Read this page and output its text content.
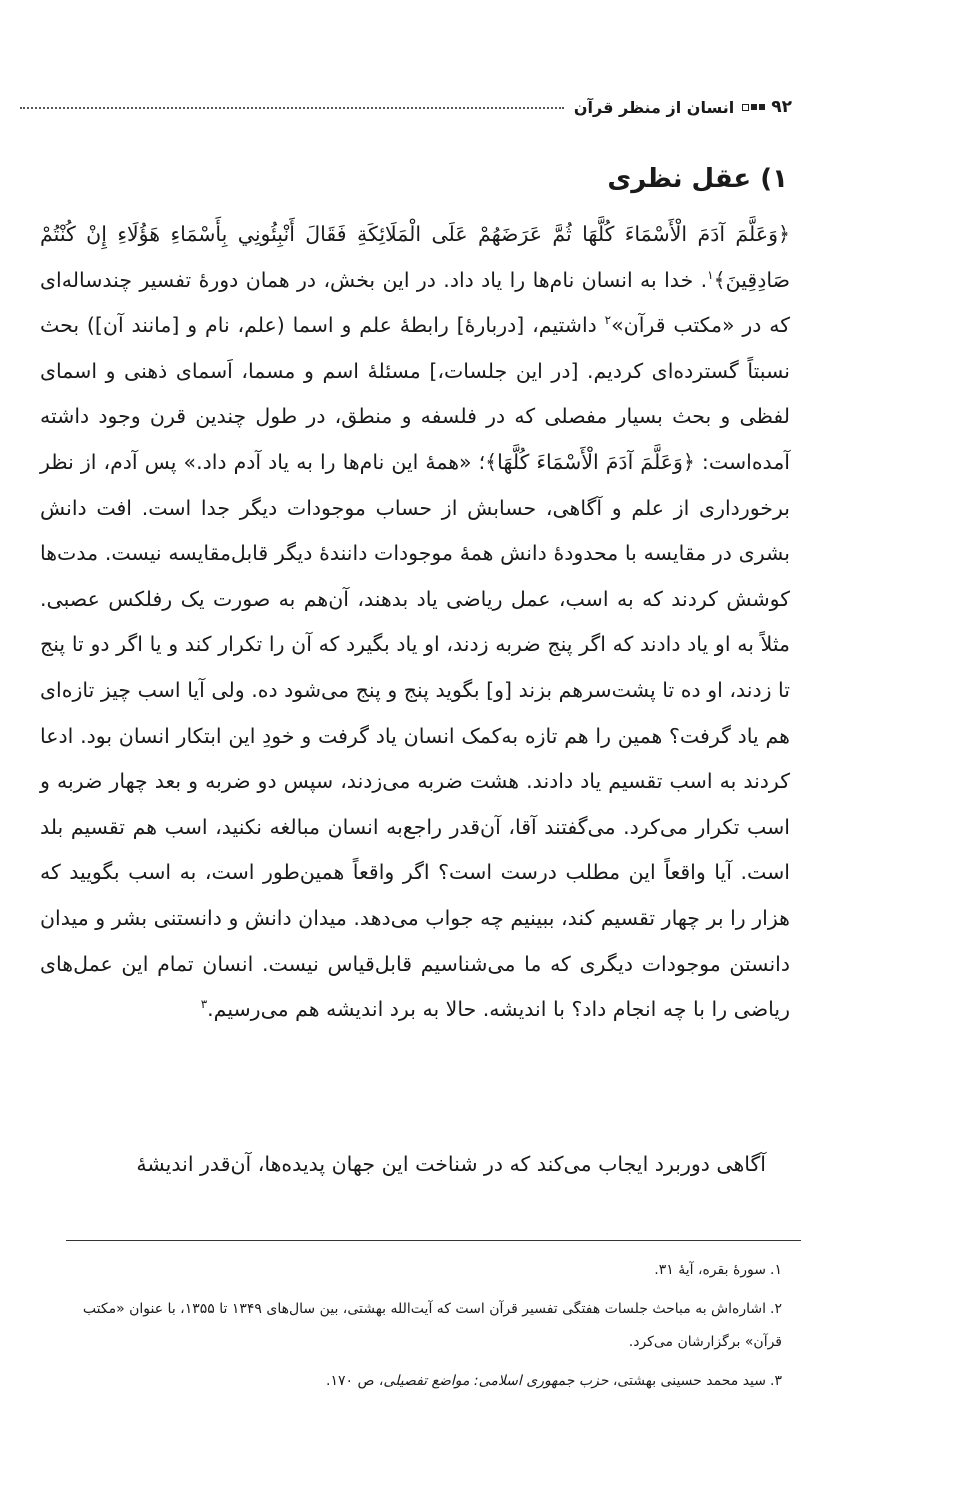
۹۲
انسان از منظر قرآن
۱) عقل نظری

﴿وَعَلَّمَ آدَمَ الْأَسْمَاءَ كُلَّهَا ثُمَّ عَرَضَهُمْ عَلَى الْمَلَائِكَةِ فَقَالَ أَنْبِئُونِي بِأَسْمَاءِ هَؤُلَاءِ إِنْ كُنْتُمْ صَادِقِينَ﴾$^۱$. خدا به انسان نام‌ها را یاد داد. در این بخش، در همان دورهٔ تفسیر چندساله‌ای که در «مکتب قرآن»$^۲$ داشتیم، [دربارهٔ] رابطهٔ علم و اسما (علم، نام و [مانند آن]) بحث نسبتاً گسترده‌ای کردیم. [در این جلسات،] مسئلهٔ اسم و مسما، اَسمای ذهنی و اسمای لفظی و بحث بسیار مفصلی که در فلسفه و منطق، در طول چندین قرن وجود داشته آمده‌است: ﴿وَعَلَّمَ آدَمَ الْأَسْمَاءَ كُلَّهَا﴾؛ «همهٔ این نام‌ها را به یاد آدم داد.» پس آدم، از نظر برخورداری از علم و آگاهی، حسابش از حساب موجودات دیگر جدا است. افت دانش بشری در مقایسه با محدودهٔ دانش همهٔ موجودات دانندهٔ دیگر قابل‌مقایسه نیست. مدت‌ها کوشش کردند که به اسب، عمل ریاضی یاد بدهند، آن‌هم به صورت یک رفلکس عصبی. مثلاً به او یاد دادند که اگر پنج ضربه زدند، او یاد بگیرد که آن را تکرار کند و یا اگر دو تا پنج تا زدند، او ده تا پشت‌سرهم بزند [و] بگوید پنج و پنج می‌شود ده. ولی آیا اسب چیز تازه‌ای هم یاد گرفت؟ همین را هم تازه به‌کمک انسان یاد گرفت و خودِ این ابتکار انسان بود. ادعا کردند به اسب تقسیم یاد دادند. هشت ضربه می‌زدند، سپس دو ضربه و بعد چهار ضربه و اسب تکرار می‌کرد. می‌گفتند آقا، آن‌قدر راجع‌به انسان مبالغه نکنید، اسب هم تقسیم بلد است. آیا واقعاً این مطلب درست است؟ اگر واقعاً همین‌طور است، به اسب بگویید که هزار را بر چهار تقسیم کند، ببینیم چه جواب می‌دهد. میدان دانش و دانستنی بشر و میدان دانستن موجودات دیگری که ما می‌شناسیم قابل‌قیاس نیست. انسان تمام این عمل‌های ریاضی را با چه انجام داد؟ با اندیشه. حالا به برد اندیشه هم می‌رسیم.$^۳$

آگاهی دوربرد ایجاب می‌کند که در شناخت این جهان پدیده‌ها، آن‌قدر اندیشهٔ

۱.سورهٔ بقره، آیهٔ ۳۱.
۲.اشاره‌اش به مباحث جلسات هفتگی تفسیر قرآن است که آیت‌الله بهشتی، بین سال‌های ۱۳۴۹ تا ۱۳۵۵، با عنوان «مکتب قرآن» برگزارشان می‌کرد.
۳.سید محمد حسینی بهشتی، حزب جمهوری اسلامی: مواضع تفصیلی، ص ۱۷۰.
